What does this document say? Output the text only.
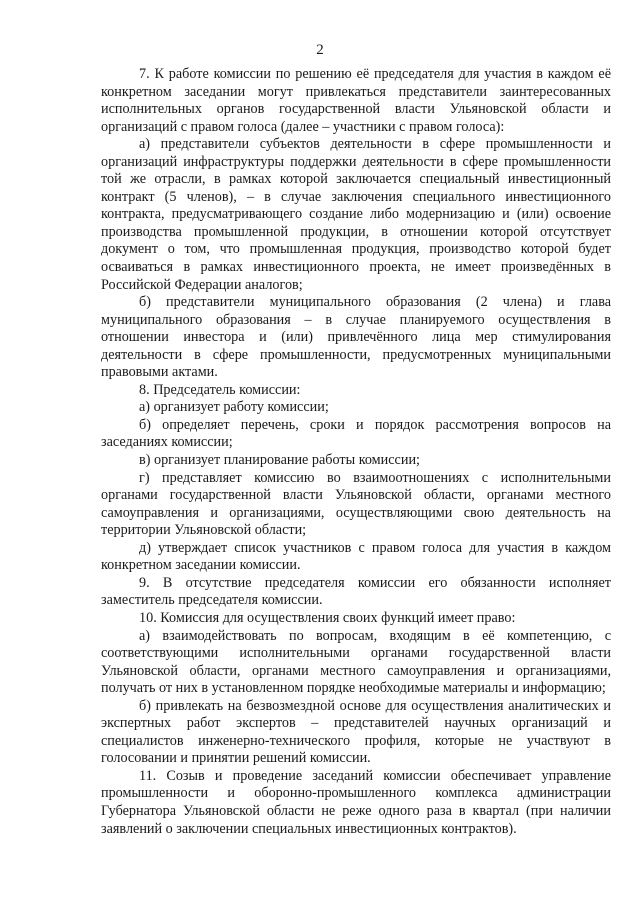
2

7. К работе комиссии по решению её председателя для участия в каждом её конкретном заседании могут привлекаться представители заинтересованных исполнительных органов государственной власти Ульяновской области и организаций с правом голоса (далее – участники с правом голоса):

а) представители субъектов деятельности в сфере промышленности и организаций инфраструктуры поддержки деятельности в сфере промышленности той же отрасли, в рамках которой заключается специальный инвестиционный контракт (5 членов), – в случае заключения специального инвестиционного контракта, предусматривающего создание либо модернизацию и (или) освоение производства промышленной продукции, в отношении которой отсутствует документ о том, что промышленная продукция, производство которой будет осваиваться в рамках инвестиционного проекта, не имеет произведённых в Российской Федерации аналогов;

б) представители муниципального образования (2 члена) и глава муниципального образования – в случае планируемого осуществления в отношении инвестора и (или) привлечённого лица мер стимулирования деятельности в сфере промышленности, предусмотренных муниципальными правовыми актами.

8. Председатель комиссии:

а) организует работу комиссии;

б) определяет перечень, сроки и порядок рассмотрения вопросов на заседаниях комиссии;

в) организует планирование работы комиссии;

г) представляет комиссию во взаимоотношениях с исполнительными органами государственной власти Ульяновской области, органами местного самоуправления и организациями, осуществляющими свою деятельность на территории Ульяновской области;

д) утверждает список участников с правом голоса для участия в каждом конкретном заседании комиссии.

9. В отсутствие председателя комиссии его обязанности исполняет заместитель председателя комиссии.

10. Комиссия для осуществления своих функций имеет право:

а) взаимодействовать по вопросам, входящим в её компетенцию, с соответствующими исполнительными органами государственной власти Ульяновской области, органами местного самоуправления и организациями, получать от них в установленном порядке необходимые материалы и информацию;

б) привлекать на безвозмездной основе для осуществления аналитических и экспертных работ экспертов – представителей научных организаций и специалистов инженерно-технического профиля, которые не участвуют в голосовании и принятии решений комиссии.

11. Созыв и проведение заседаний комиссии обеспечивает управление промышленности и оборонно-промышленного комплекса администрации Губернатора Ульяновской области не реже одного раза в квартал (при наличии заявлений о заключении специальных инвестиционных контрактов).
